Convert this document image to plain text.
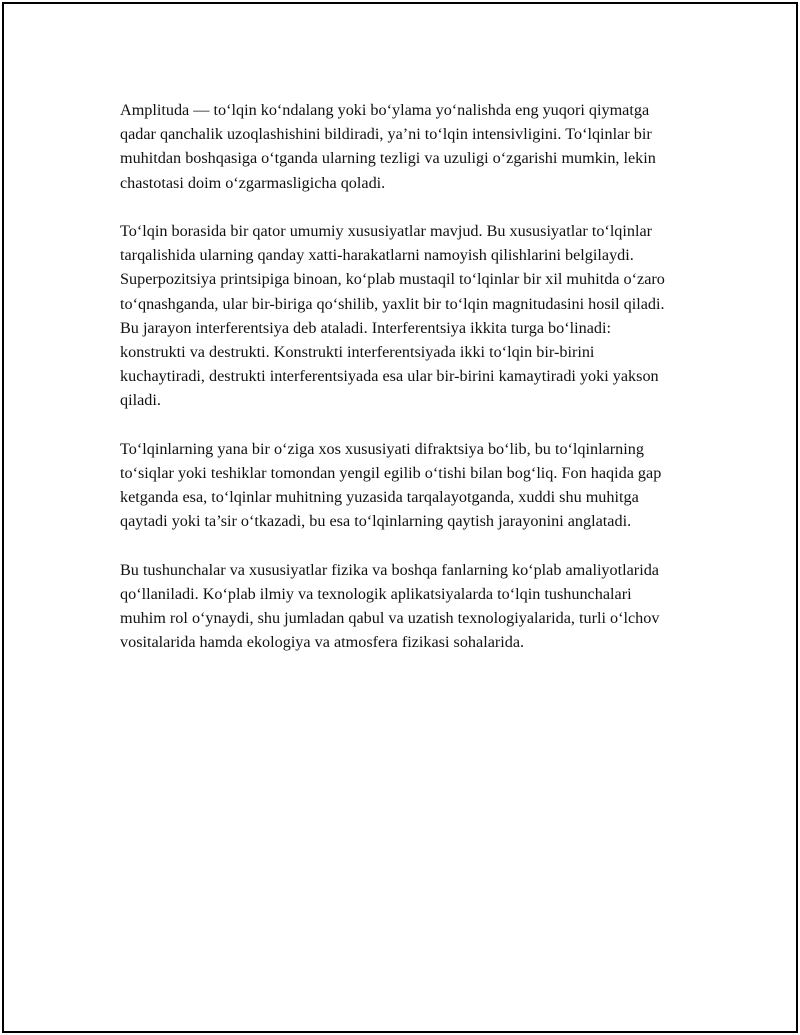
Amplituda — to‘lqin ko‘ndalang yoki bo‘ylama yo‘nalishda eng yuqori qiymatga qadar qanchalik uzoqlashishini bildiradi, ya’ni to‘lqin intensivligini. To‘lqinlar bir muhitdan boshqasiga o‘tganda ularning tezligi va uzuligi o‘zgarishi mumkin, lekin chastotasi doim o‘zgarmasligicha qoladi.

To‘lqin borasida bir qator umumiy xususiyatlar mavjud. Bu xususiyatlar to‘lqinlar tarqalishida ularning qanday xatti-harakatlarni namoyish qilishlarini belgilaydi. Superpozitsiya printsipiga binoan, ko‘plab mustaqil to‘lqinlar bir xil muhitda o‘zaro to‘qnashganda, ular bir-biriga qo‘shilib, yaxlit bir to‘lqin magnitudasini hosil qiladi. Bu jarayon interferentsiya deb ataladi. Interferentsiya ikkita turga bo‘linadi: konstrukti va destrukti. Konstrukti interferentsiyada ikki to‘lqin bir-birini kuchaytiradi, destrukti interferentsiyada esa ular bir-birini kamaytiradi yoki yakson qiladi.

To‘lqinlarning yana bir o‘ziga xos xususiyati difraktsiya bo‘lib, bu to‘lqinlarning to‘siqlar yoki teshiklar tomondan yengil egilib o‘tishi bilan bog‘liq. Fon haqida gap ketganda esa, to‘lqinlar muhitning yuzasida tarqalayotganda, xuddi shu muhitga qaytadi yoki ta’sir o‘tkazadi, bu esa to‘lqinlarning qaytish jarayonini anglatadi.

Bu tushunchalar va xususiyatlar fizika va boshqa fanlarning ko‘plab amaliyotlarida qo‘llaniladi. Ko‘plab ilmiy va texnologik aplikatsiyalarda to‘lqin tushunchalari muhim rol o‘ynaydi, shu jumladan qabul va uzatish texnologiyalarida, turli o‘lchov vositalarida hamda ekologiya va atmosfera fizikasi sohalarida.
